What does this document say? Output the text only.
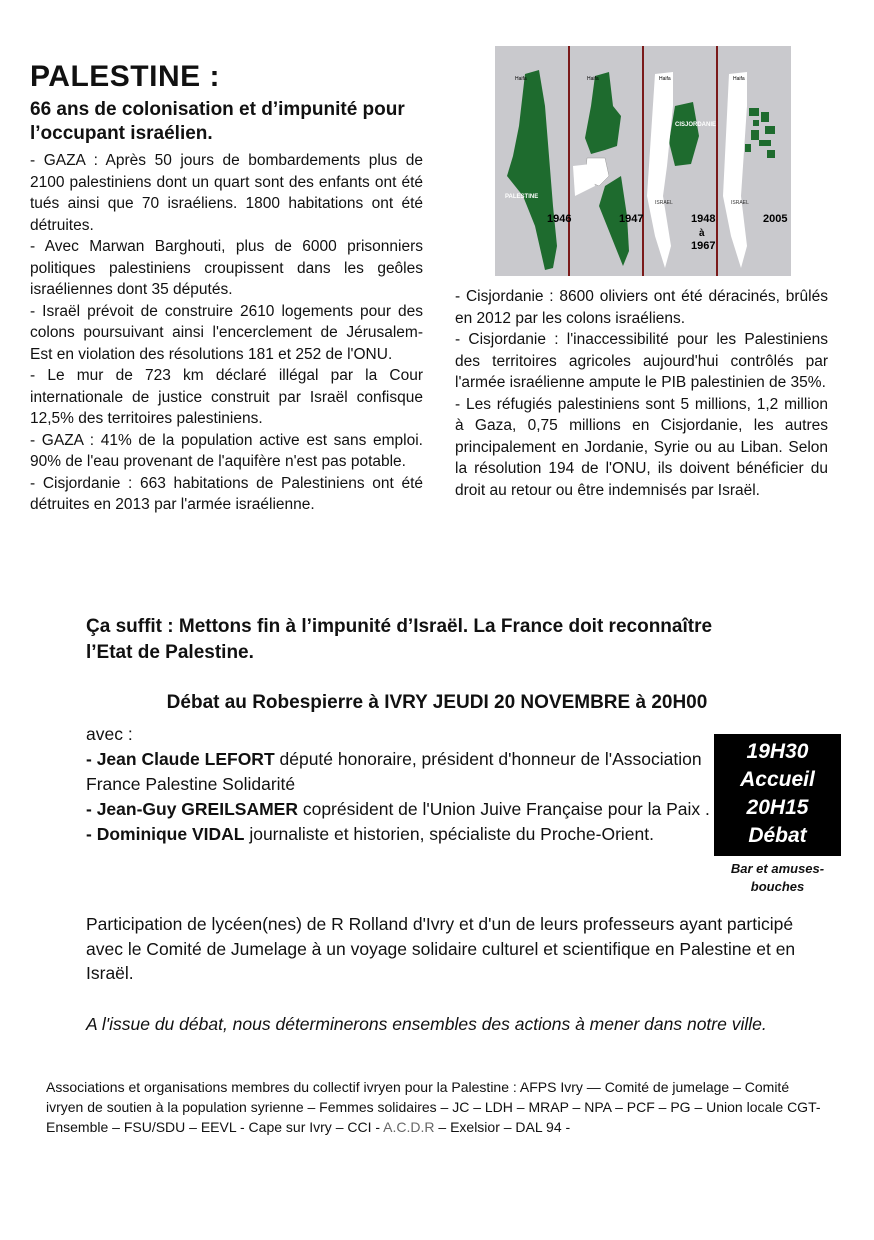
PALESTINE :
66 ans de colonisation et d’impunité pour l’occupant israélien.
1946	1947	1948
à
1967
2005
PALESTINE
CISJORDANIE
ISRAEL	ISRAEL
Haifa	Haifa	Haifa	Haifa

- GAZA : Après 50 jours de bombardements plus de 2100 palestiniens dont un quart sont des enfants ont été tués ainsi que 70 israéliens. 1800 habitations ont été détruites.

- Avec Marwan Barghouti, plus de 6000 prisonniers politiques palestiniens croupissent dans les geôles israéliennes dont 35 députés.

- Israël prévoit de construire 2610 logements pour des colons poursuivant ainsi l'encerclement de Jérusalem-Est en violation des résolutions 181 et 252 de l'ONU.

- Le mur de 723 km déclaré illégal par la Cour internationale de justice construit par Israël confisque 12,5% des territoires palestiniens.

- GAZA : 41% de la population active est sans emploi. 90% de l'eau provenant de l'aquifère n'est pas potable.

- Cisjordanie : 663 habitations de Palestiniens ont été détruites en 2013 par l'armée israélienne.

- Cisjordanie : 8600 oliviers ont été déracinés, brûlés en 2012 par les colons israéliens.

- Cisjordanie : l'inaccessibilité pour les Palestiniens des territoires agricoles aujourd'hui contrôlés par l'armée israélienne ampute le PIB palestinien de 35%.

- Les réfugiés palestiniens sont 5 millions, 1,2 million à Gaza, 0,75 millions en Cisjordanie, les autres principalement en Jordanie, Syrie ou au Liban. Selon la résolution 194 de l'ONU, ils doivent bénéficier du droit au retour ou être indemnisés par Israël.

Ça suffit : Mettons fin à l’impunité d’Israël. La France doit reconnaître l’Etat de Palestine.
Débat au Robespierre à IVRY JEUDI 20 NOVEMBRE à 20H00
avec :
- Jean Claude LEFORT député honoraire, président d'honneur de l'Association France Palestine Solidarité
- Jean-Guy GREILSAMER coprésident de l'Union Juive Française pour la Paix .
- Dominique VIDAL journaliste et historien, spécialiste du Proche-Orient.
19H30
Accueil
20H15
Débat
Bar et amuses-bouches
Participation de lycéen(nes) de R Rolland d'Ivry et d'un de leurs professeurs ayant participé avec le Comité de Jumelage à un voyage solidaire culturel et scientifique en Palestine et en Israël.
A l'issue du débat, nous déterminerons ensembles des actions à mener dans notre ville.
Associations et organisations membres du collectif ivryen pour la Palestine : AFPS Ivry — Comité de jumelage – Comité ivryen de soutien à la population syrienne – Femmes solidaires – JC – LDH – MRAP – NPA – PCF – PG – Union locale CGT- Ensemble – FSU/SDU – EEVL - Cape sur Ivry – CCI - A.C.D.R – Exelsior – DAL 94 -
